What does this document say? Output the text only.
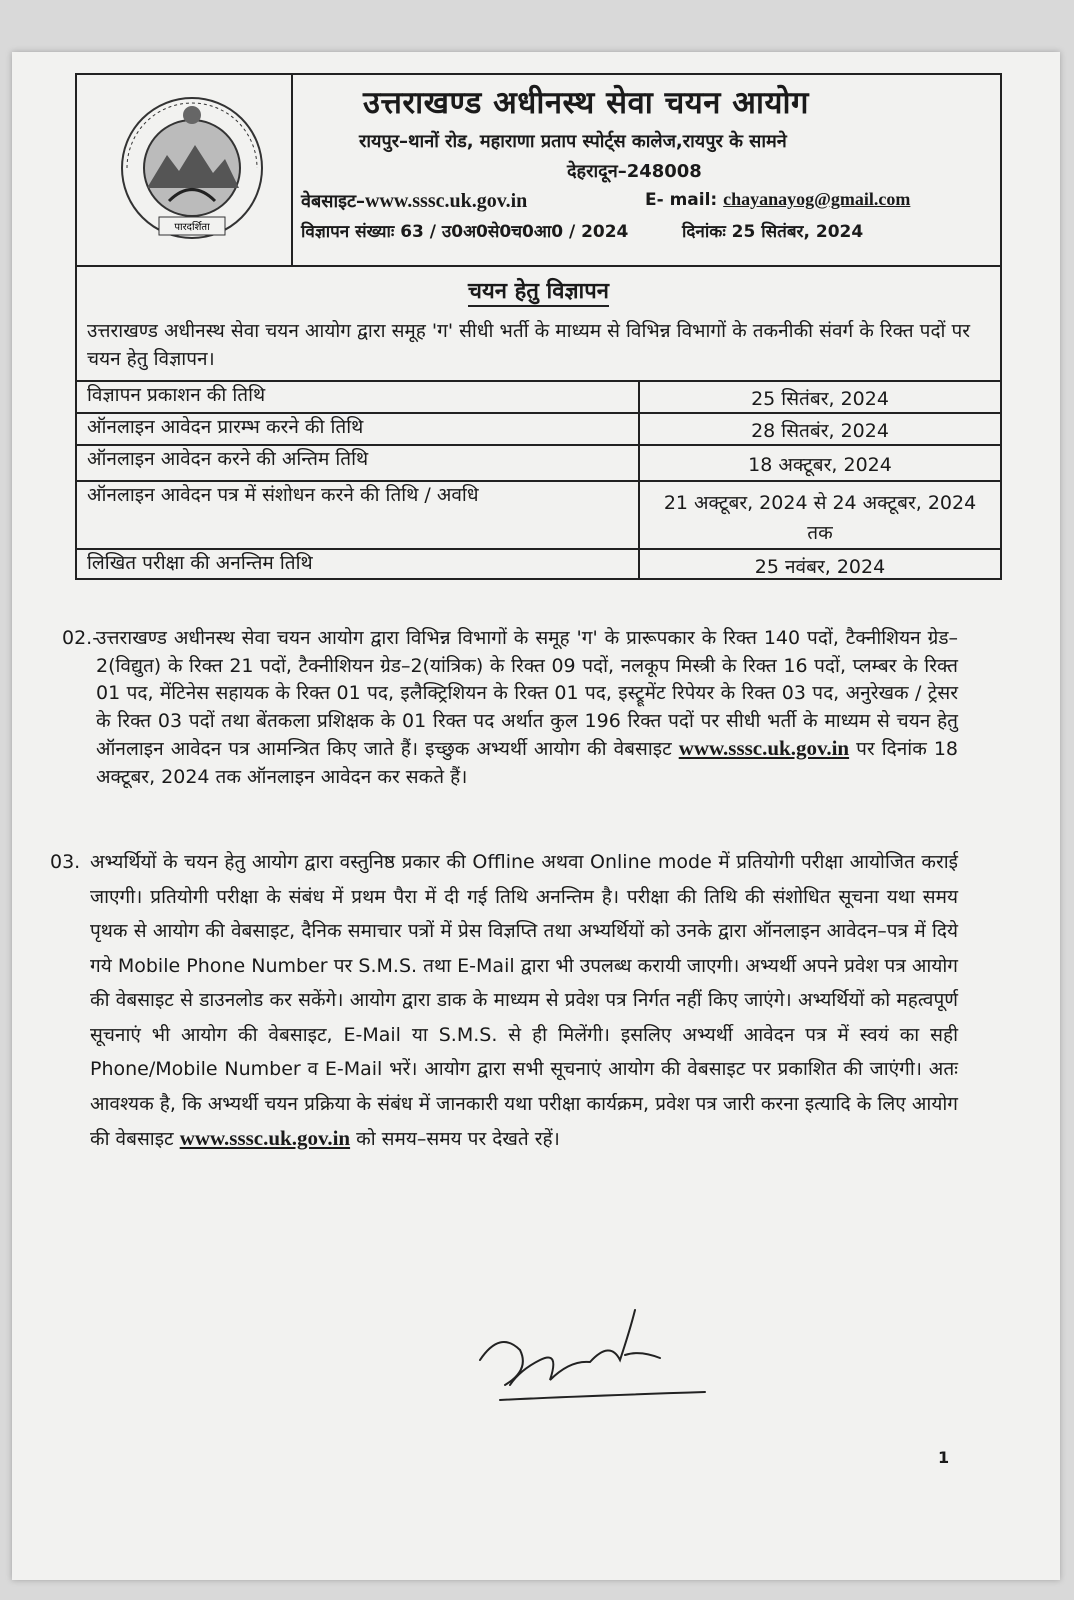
पारदर्शिता
उत्तराखण्ड अधीनस्थ सेवा चयन आयोग
रायपुर–थानों रोड, महाराणा प्रताप स्पोर्ट्स कालेज,रायपुर के सामने
देहरादून–248008
वेबसाइट–www.sssc.uk.gov.in	E- mail: chayanayog@gmail.com
विज्ञापन संख्याः 63 / उ0अ0से0च0आ0 / 2024	दिनांकः 25 सितंबर, 2024
चयन हेतु विज्ञापन
उत्तराखण्ड अधीनस्थ सेवा चयन आयोग द्वारा समूह 'ग' सीधी भर्ती के माध्यम से विभिन्न विभागों के तकनीकी संवर्ग के रिक्त पदों पर चयन हेतु विज्ञापन।
विज्ञापन प्रकाशन की तिथि	25 सितंबर, 2024
ऑनलाइन आवेदन प्रारम्भ करने की तिथि	28 सितबंर, 2024
ऑनलाइन आवेदन करने की अन्तिम तिथि	18 अक्टूबर, 2024
ऑनलाइन आवेदन पत्र में संशोधन करने की तिथि / अवधि	21 अक्टूबर, 2024 से 24 अक्टूबर, 2024 तक
लिखित परीक्षा की अनन्तिम तिथि	25 नवंबर, 2024
02.-
उत्तराखण्ड अधीनस्थ सेवा चयन आयोग द्वारा विभिन्न विभागों के समूह 'ग' के प्रारूपकार के रिक्त 140 पदों, टैक्नीशियन ग्रेड–2(विद्युत) के रिक्त 21 पदों, टैक्नीशियन ग्रेड–2(यांत्रिक) के रिक्त 09 पदों, नलकूप मिस्त्री के रिक्त 16 पदों, प्लम्बर के रिक्त 01 पद, मेंटिनेस सहायक के रिक्त 01 पद, इलैक्ट्रिशियन के रिक्त 01 पद, इस्ट्रूमेंट रिपेयर के रिक्त 03 पद, अनुरेखक / ट्रेसर के रिक्त 03 पदों तथा बेंतकला प्रशिक्षक के 01 रिक्त पद अर्थात कुल 196 रिक्त पदों पर सीधी भर्ती के माध्यम से चयन हेतु ऑनलाइन आवेदन पत्र आमन्त्रित किए जाते हैं। इच्छुक अभ्यर्थी आयोग की वेबसाइट www.sssc.uk.gov.in पर दिनांक 18 अक्टूबर, 2024 तक ऑनलाइन आवेदन कर सकते हैं।
03. अभ्यर्थियों के चयन हेतु आयोग द्वारा वस्तुनिष्ठ प्रकार की Offline अथवा Online mode में प्रतियोगी परीक्षा आयोजित कराई जाएगी। प्रतियोगी परीक्षा के संबंध में प्रथम पैरा में दी गई तिथि अनन्तिम है। परीक्षा की तिथि की संशोधित सूचना यथा समय पृथक से आयोग की वेबसाइट, दैनिक समाचार पत्रों में प्रेस विज्ञप्ति तथा अभ्यर्थियों को उनके द्वारा ऑनलाइन आवेदन–पत्र में दिये गये Mobile Phone Number पर S.M.S. तथा E-Mail द्वारा भी उपलब्ध करायी जाएगी। अभ्यर्थी अपने प्रवेश पत्र आयोग की वेबसाइट से डाउनलोड कर सकेंगे। आयोग द्वारा डाक के माध्यम से प्रवेश पत्र निर्गत नहीं किए जाएंगे। अभ्यर्थियों को महत्वपूर्ण सूचनाएं भी आयोग की वेबसाइट, E-Mail या S.M.S. से ही मिलेंगी। इसलिए अभ्यर्थी आवेदन पत्र में स्वयं का सही Phone/Mobile Number व E-Mail भरें। आयोग द्वारा सभी सूचनाएं आयोग की वेबसाइट पर प्रकाशित की जाएंगी। अतः आवश्यक है, कि अभ्यर्थी चयन प्रक्रिया के संबंध में जानकारी यथा परीक्षा कार्यक्रम, प्रवेश पत्र जारी करना इत्यादि के लिए आयोग की वेबसाइट www.sssc.uk.gov.in को समय–समय पर देखते रहें।
1
